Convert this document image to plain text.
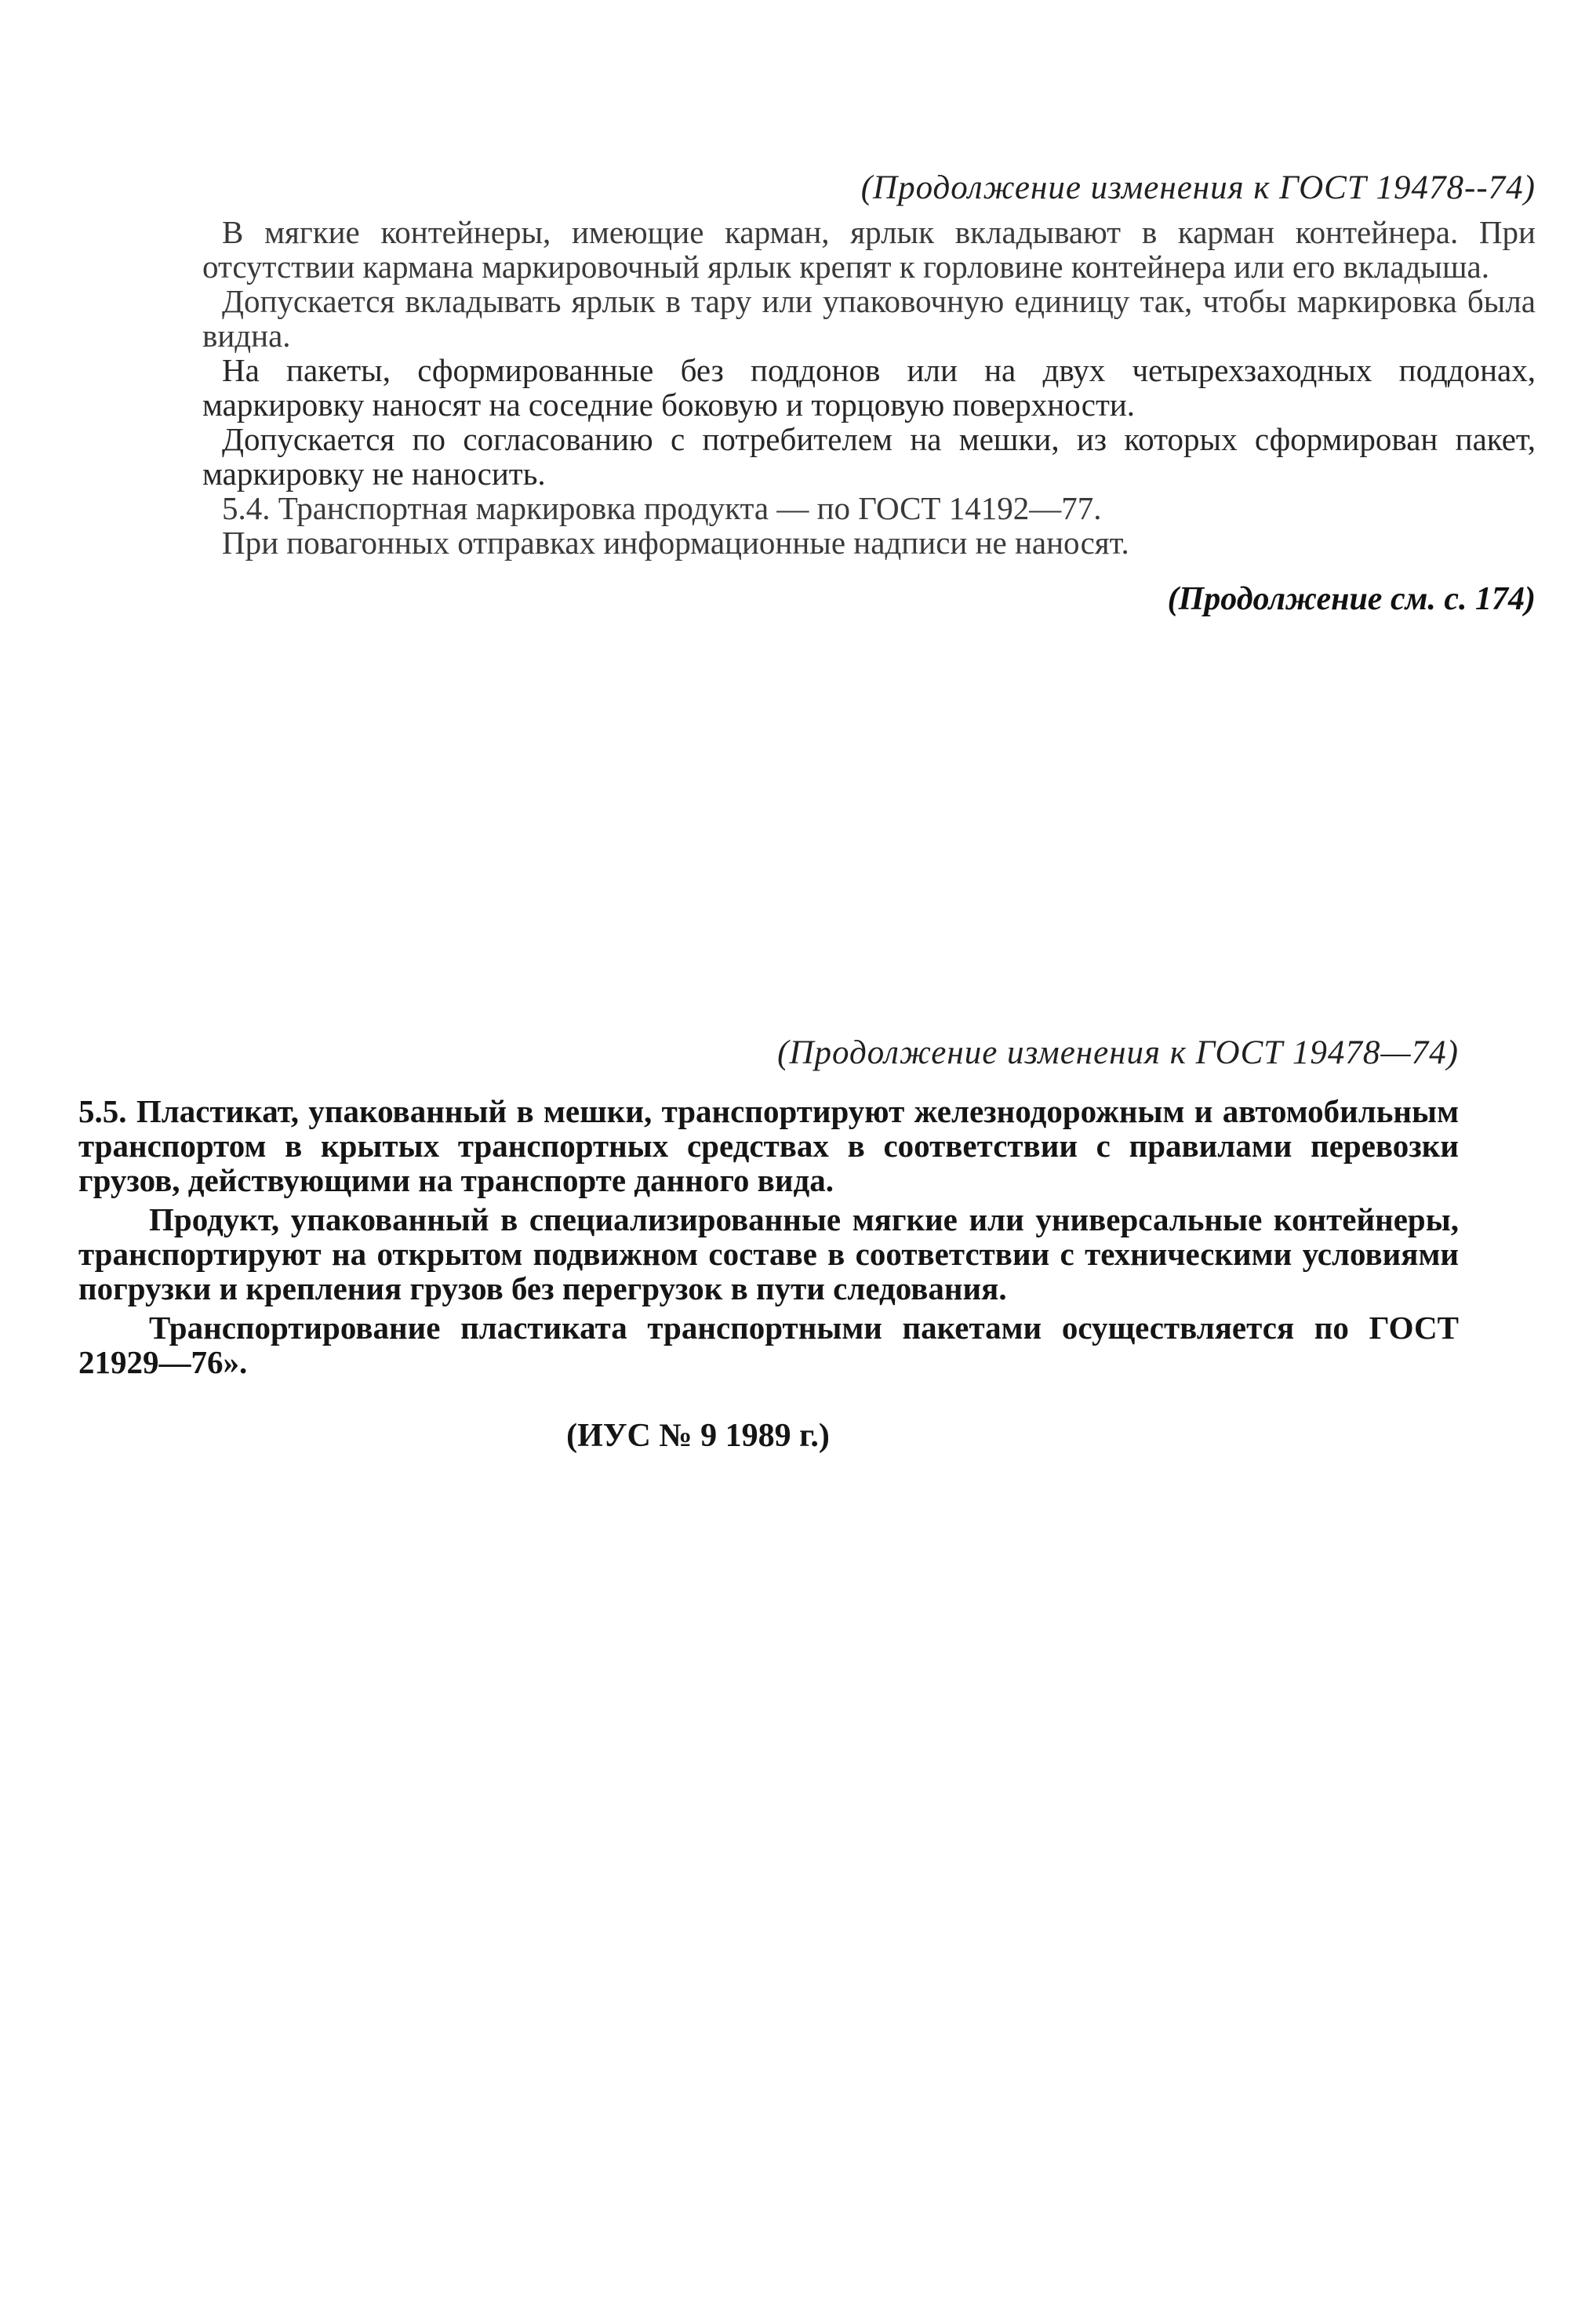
(Продолжение изменения к ГОСТ 19478--74)

В мягкие контейнеры, имеющие карман, ярлык вкладывают в карман контейнера. При отсутствии кармана маркировочный ярлык крепят к горловине контейнера или его вкладыша.

Допускается вкладывать ярлык в тару или упаковочную единицу так, чтобы маркировка была видна.

На пакеты, сформированные без поддонов или на двух четырехзаходных поддонах, маркировку наносят на соседние боковую и торцовую поверхности.

Допускается по согласованию с потребителем на мешки, из которых сформирован пакет, маркировку не наносить.

5.4. Транспортная маркировка продукта — по ГОСТ 14192—77.

При повагонных отправках информационные надписи не наносят.

(Продолжение см. с. 174)
(Продолжение изменения к ГОСТ 19478—74)

5.5. Пластикат, упакованный в мешки, транспортируют железнодорожным и автомобильным транспортом в крытых транспортных средствах в соответствии с правилами перевозки грузов, действующими на транспорте данного вида.

Продукт, упакованный в специализированные мягкие или универсальные контейнеры, транспортируют на открытом подвижном составе в соответствии с техническими условиями погрузки и крепления грузов без перегрузок в пути следования.

Транспортирование пластиката транспортными пакетами осуществляется по ГОСТ 21929—76».

(ИУС № 9 1989 г.)
